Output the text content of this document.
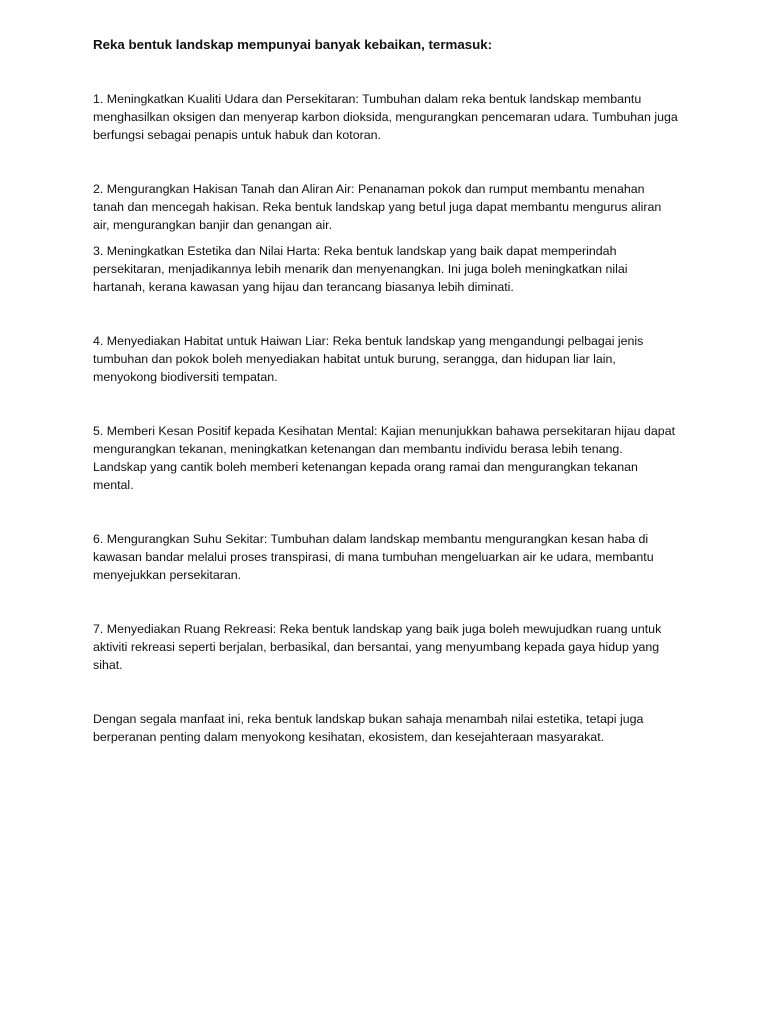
Reka bentuk landskap mempunyai banyak kebaikan, termasuk:

1. Meningkatkan Kualiti Udara dan Persekitaran: Tumbuhan dalam reka bentuk landskap membantu menghasilkan oksigen dan menyerap karbon dioksida, mengurangkan pencemaran udara. Tumbuhan juga berfungsi sebagai penapis untuk habuk dan kotoran.

2. Mengurangkan Hakisan Tanah dan Aliran Air: Penanaman pokok dan rumput membantu menahan tanah dan mencegah hakisan. Reka bentuk landskap yang betul juga dapat membantu mengurus aliran air, mengurangkan banjir dan genangan air.

3. Meningkatkan Estetika dan Nilai Harta: Reka bentuk landskap yang baik dapat memperindah persekitaran, menjadikannya lebih menarik dan menyenangkan. Ini juga boleh meningkatkan nilai hartanah, kerana kawasan yang hijau dan terancang biasanya lebih diminati.

4. Menyediakan Habitat untuk Haiwan Liar: Reka bentuk landskap yang mengandungi pelbagai jenis tumbuhan dan pokok boleh menyediakan habitat untuk burung, serangga, dan hidupan liar lain, menyokong biodiversiti tempatan.

5. Memberi Kesan Positif kepada Kesihatan Mental: Kajian menunjukkan bahawa persekitaran hijau dapat mengurangkan tekanan, meningkatkan ketenangan dan membantu individu berasa lebih tenang. Landskap yang cantik boleh memberi ketenangan kepada orang ramai dan mengurangkan tekanan mental.

6. Mengurangkan Suhu Sekitar: Tumbuhan dalam landskap membantu mengurangkan kesan haba di kawasan bandar melalui proses transpirasi, di mana tumbuhan mengeluarkan air ke udara, membantu menyejukkan persekitaran.

7. Menyediakan Ruang Rekreasi: Reka bentuk landskap yang baik juga boleh mewujudkan ruang untuk aktiviti rekreasi seperti berjalan, berbasikal, dan bersantai, yang menyumbang kepada gaya hidup yang sihat.

Dengan segala manfaat ini, reka bentuk landskap bukan sahaja menambah nilai estetika, tetapi juga berperanan penting dalam menyokong kesihatan, ekosistem, dan kesejahteraan masyarakat.
